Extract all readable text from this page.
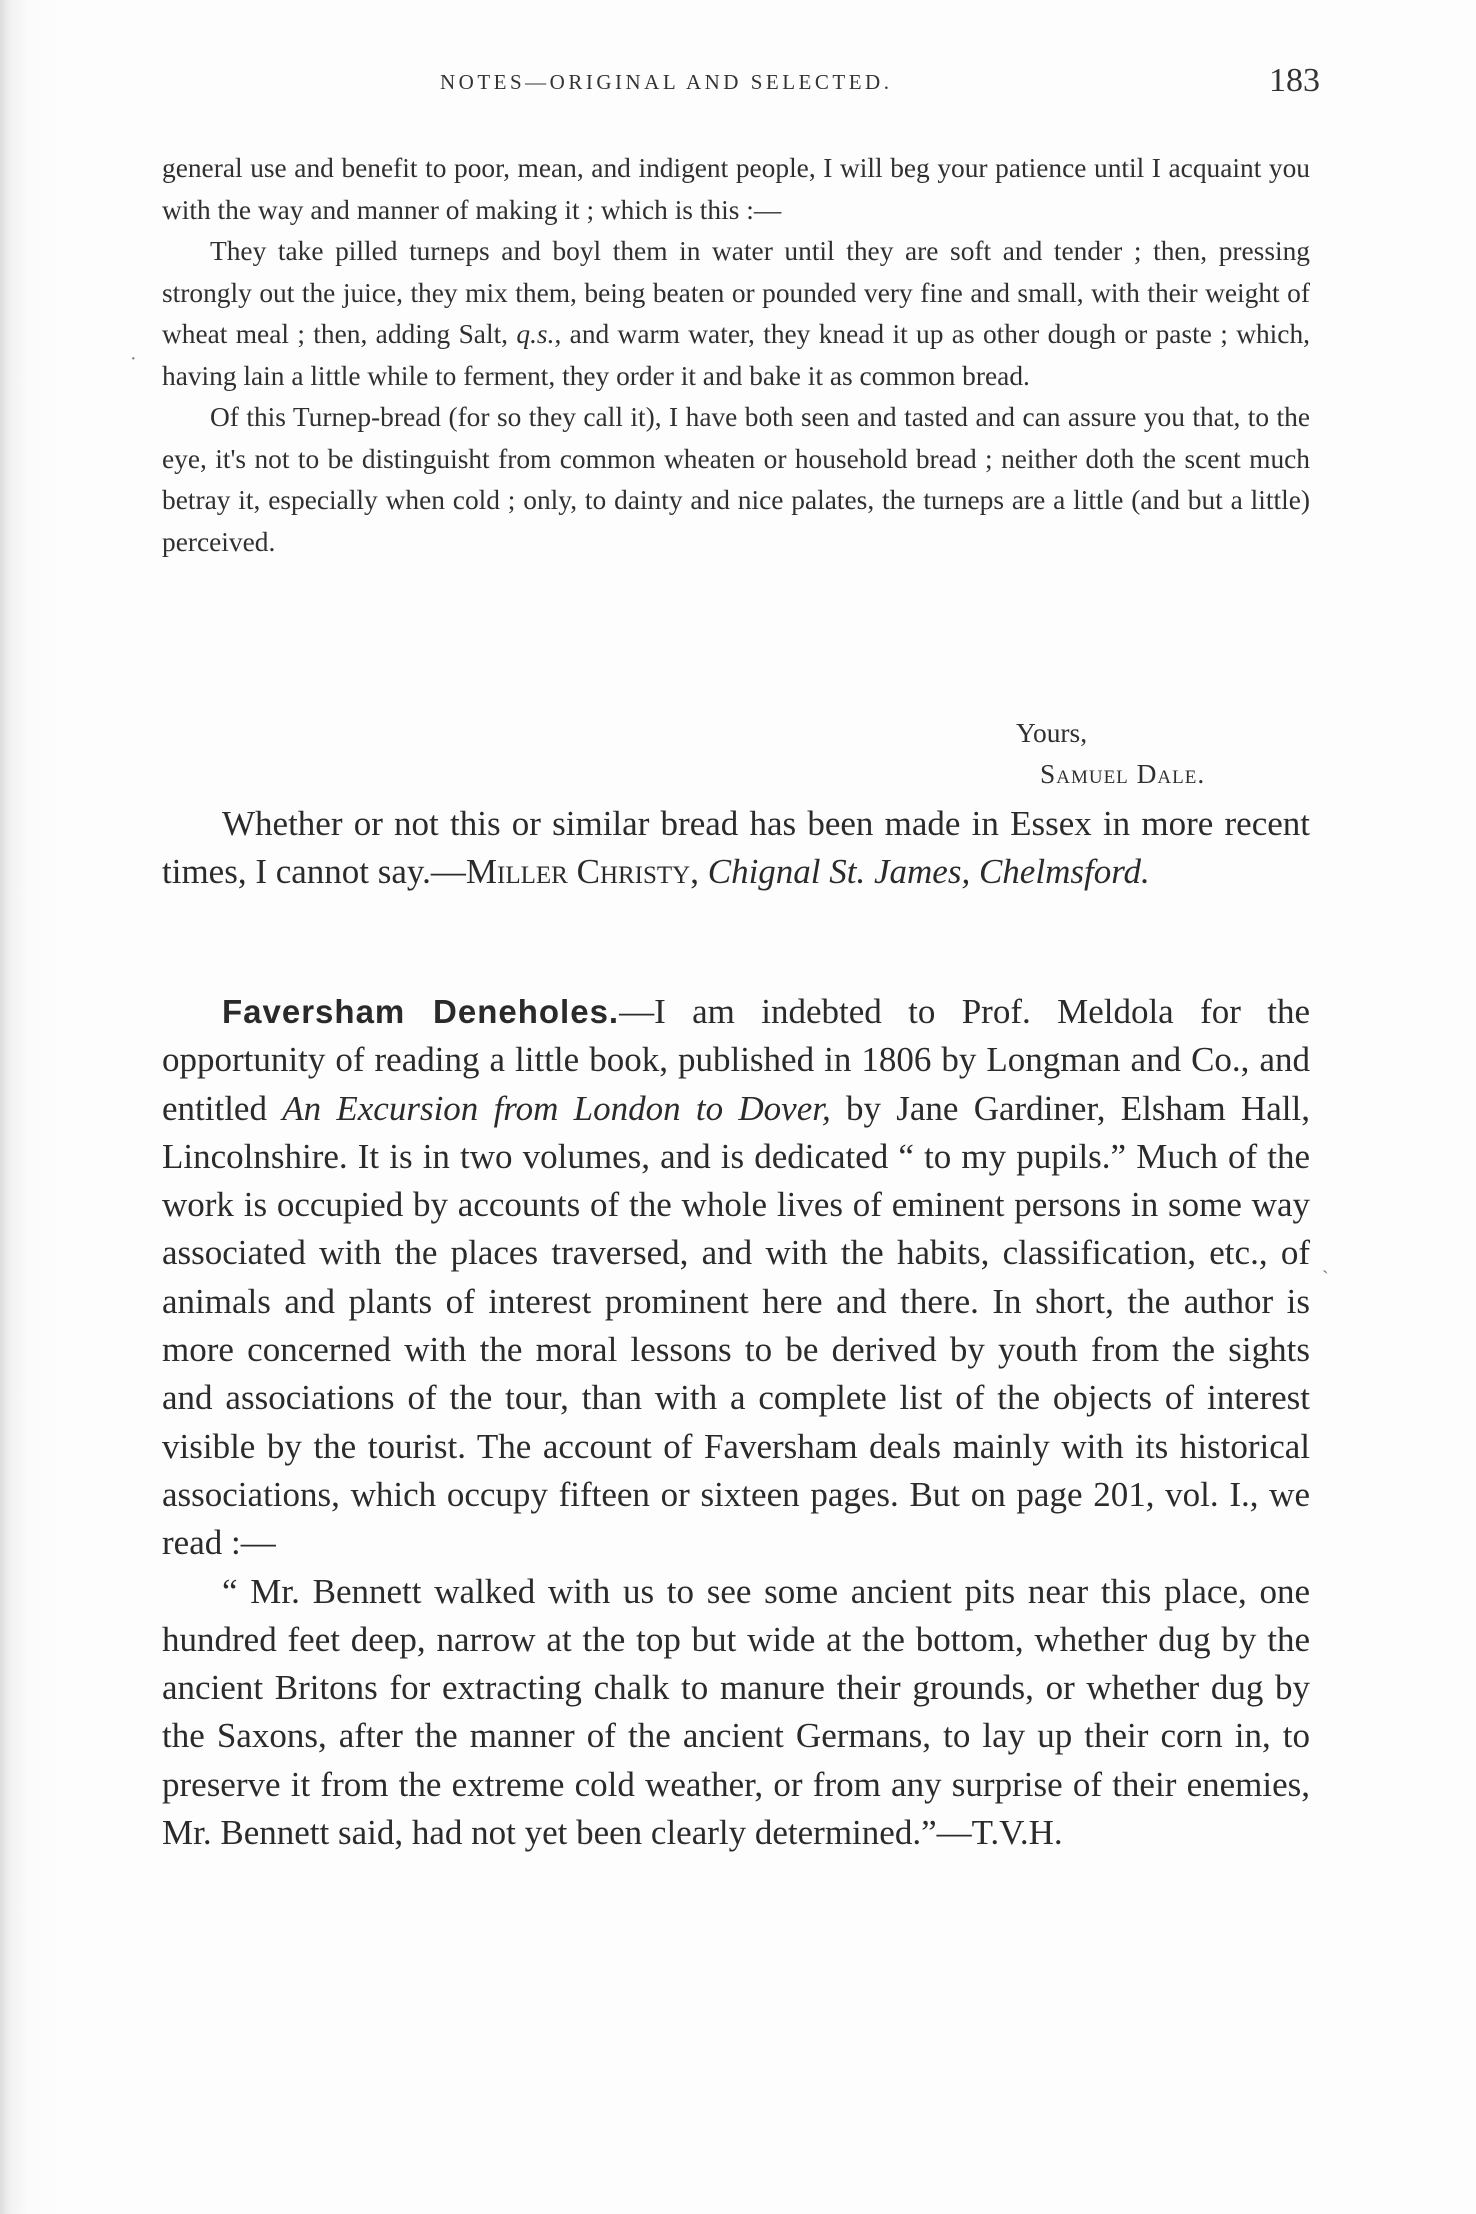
NOTES—ORIGINAL AND SELECTED.	183

general use and benefit to poor, mean, and indigent people, I will beg your patience until I acquaint you with the way and manner of making it ; which is this :—

They take pilled turneps and boyl them in water until they are soft and tender ; then, pressing strongly out the juice, they mix them, being beaten or pounded very fine and small, with their weight of wheat meal ; then, adding Salt, q.s., and warm water, they knead it up as other dough or paste ; which, having lain a little while to ferment, they order it and bake it as common bread.

Of this Turnep-bread (for so they call it), I have both seen and tasted and can assure you that, to the eye, it's not to be distinguisht from common wheaten or household bread ; neither doth the scent much betray it, especially when cold ; only, to dainty and nice palates, the turneps are a little (and but a little) perceived.

Yours,
Samuel Dale.

Whether or not this or similar bread has been made in Essex in more recent times, I cannot say.—Miller Christy, Chignal St. James, Chelmsford.

Faversham Deneholes.—I am indebted to Prof. Meldola for the opportunity of reading a little book, published in 1806 by Longman and Co., and entitled An Excursion from London to Dover, by Jane Gardiner, Elsham Hall, Lincolnshire. It is in two volumes, and is dedicated “ to my pupils.” Much of the work is occupied by accounts of the whole lives of eminent persons in some way associated with the places traversed, and with the habits, classification, etc., of animals and plants of interest prominent here and there. In short, the author is more concerned with the moral lessons to be derived by youth from the sights and associations of the tour, than with a complete list of the objects of interest visible by the tourist. The account of Faversham deals mainly with its historical associations, which occupy fifteen or sixteen pages. But on page 201, vol. I., we read :—

“ Mr. Bennett walked with us to see some ancient pits near this place, one hundred feet deep, narrow at the top but wide at the bottom, whether dug by the ancient Britons for extracting chalk to manure their grounds, or whether dug by the Saxons, after the manner of the ancient Germans, to lay up their corn in, to preserve it from the extreme cold weather, or from any surprise of their enemies, Mr. Bennett said, had not yet been clearly determined.”—T.V.H.

·
ˏ
